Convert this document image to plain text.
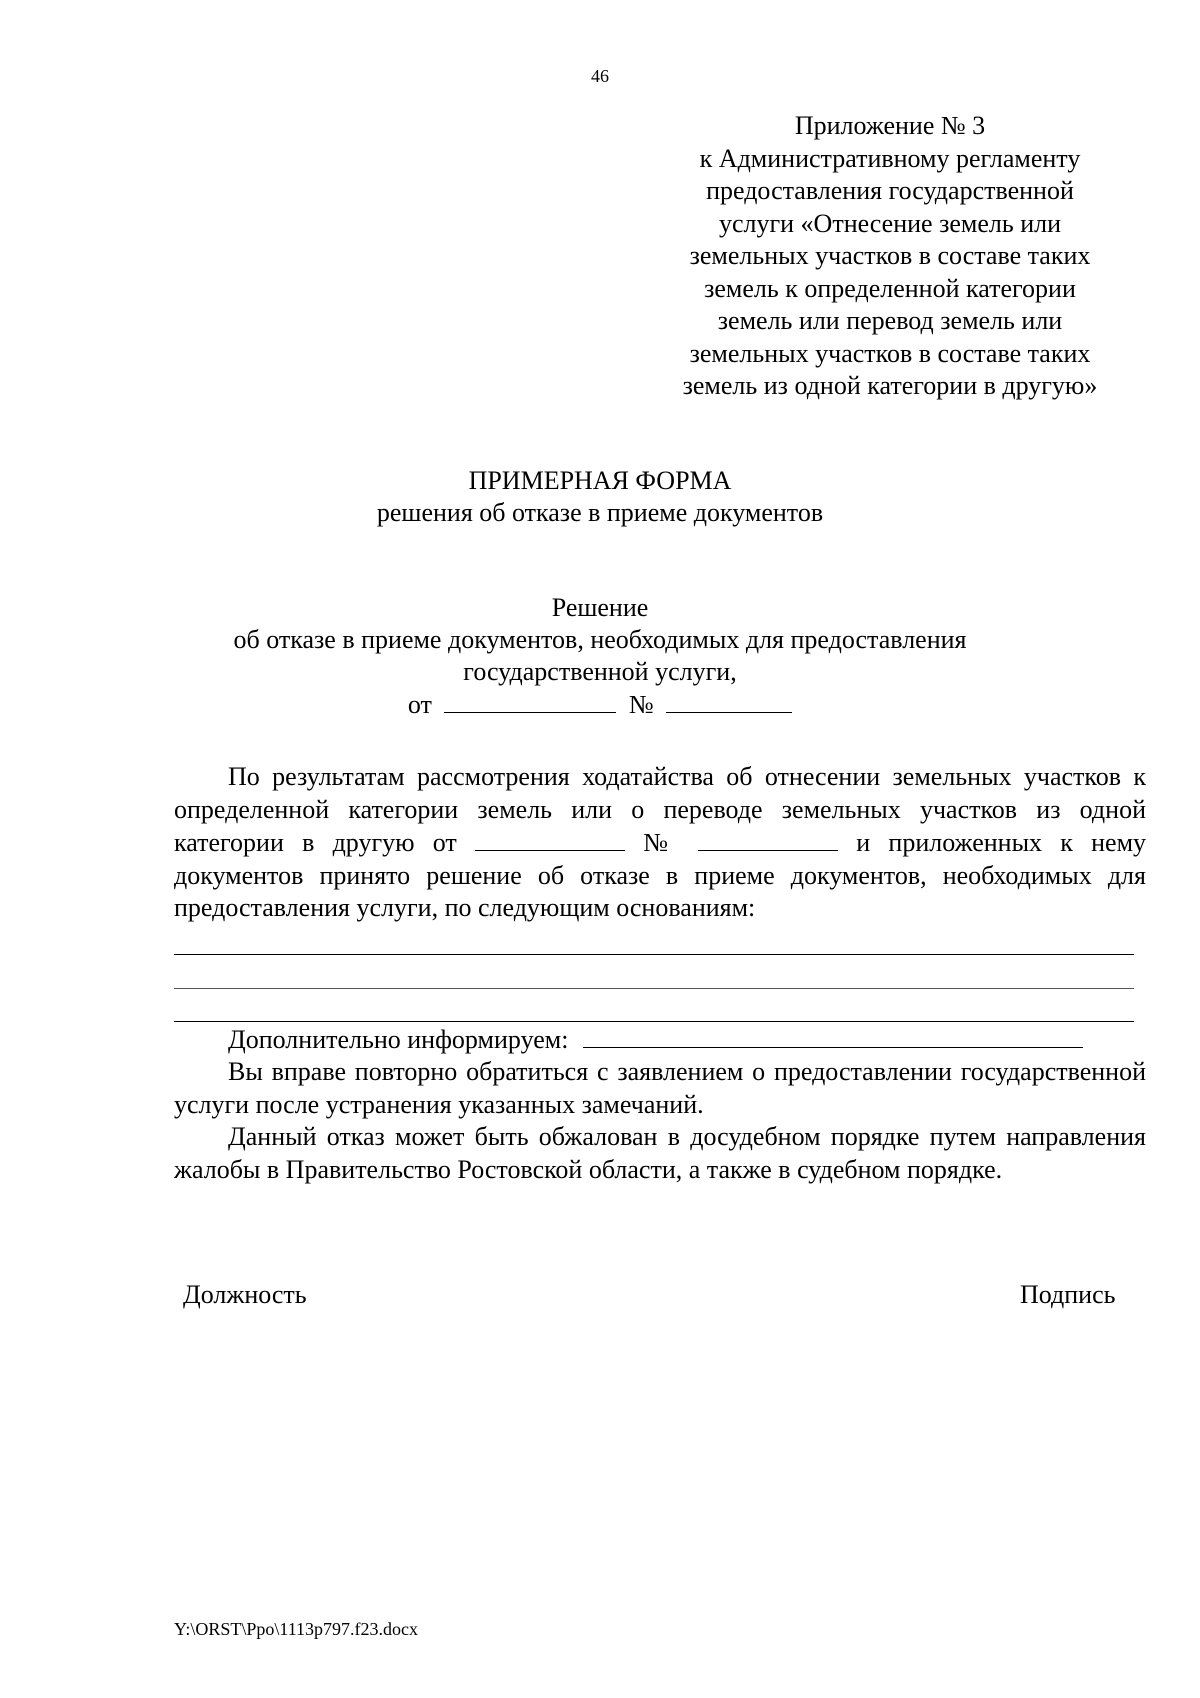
46
Приложение № 3
к Административному регламенту
предоставления государственной
услуги «Отнесение земель или
земельных участков в составе таких
земель к определенной категории
земель или перевод земель или
земельных участков в составе таких
земель из одной категории в другую»
ПРИМЕРНАЯ ФОРМА
решения об отказе в приеме документов
Решение
об отказе в приеме документов, необходимых для предоставления
государственной услуги,
от	№
По результатам рассмотрения ходатайства об отнесении земельных участков к определенной категории земель или о переводе земельных участков из одной категории в другую от	№	и приложенных к нему документов принято решение об отказе в приеме документов, необходимых для предоставления услуги, по следующим основаниям:
Дополнительно информируем:
Вы вправе повторно обратиться с заявлением о предоставлении государственной услуги после устранения указанных замечаний.
Данный отказ может быть обжалован в досудебном порядке путем направления жалобы в Правительство Ростовской области, а также в судебном порядке.
Должность	Подпись
Y:\ORST\Ppo\1113p797.f23.docx
